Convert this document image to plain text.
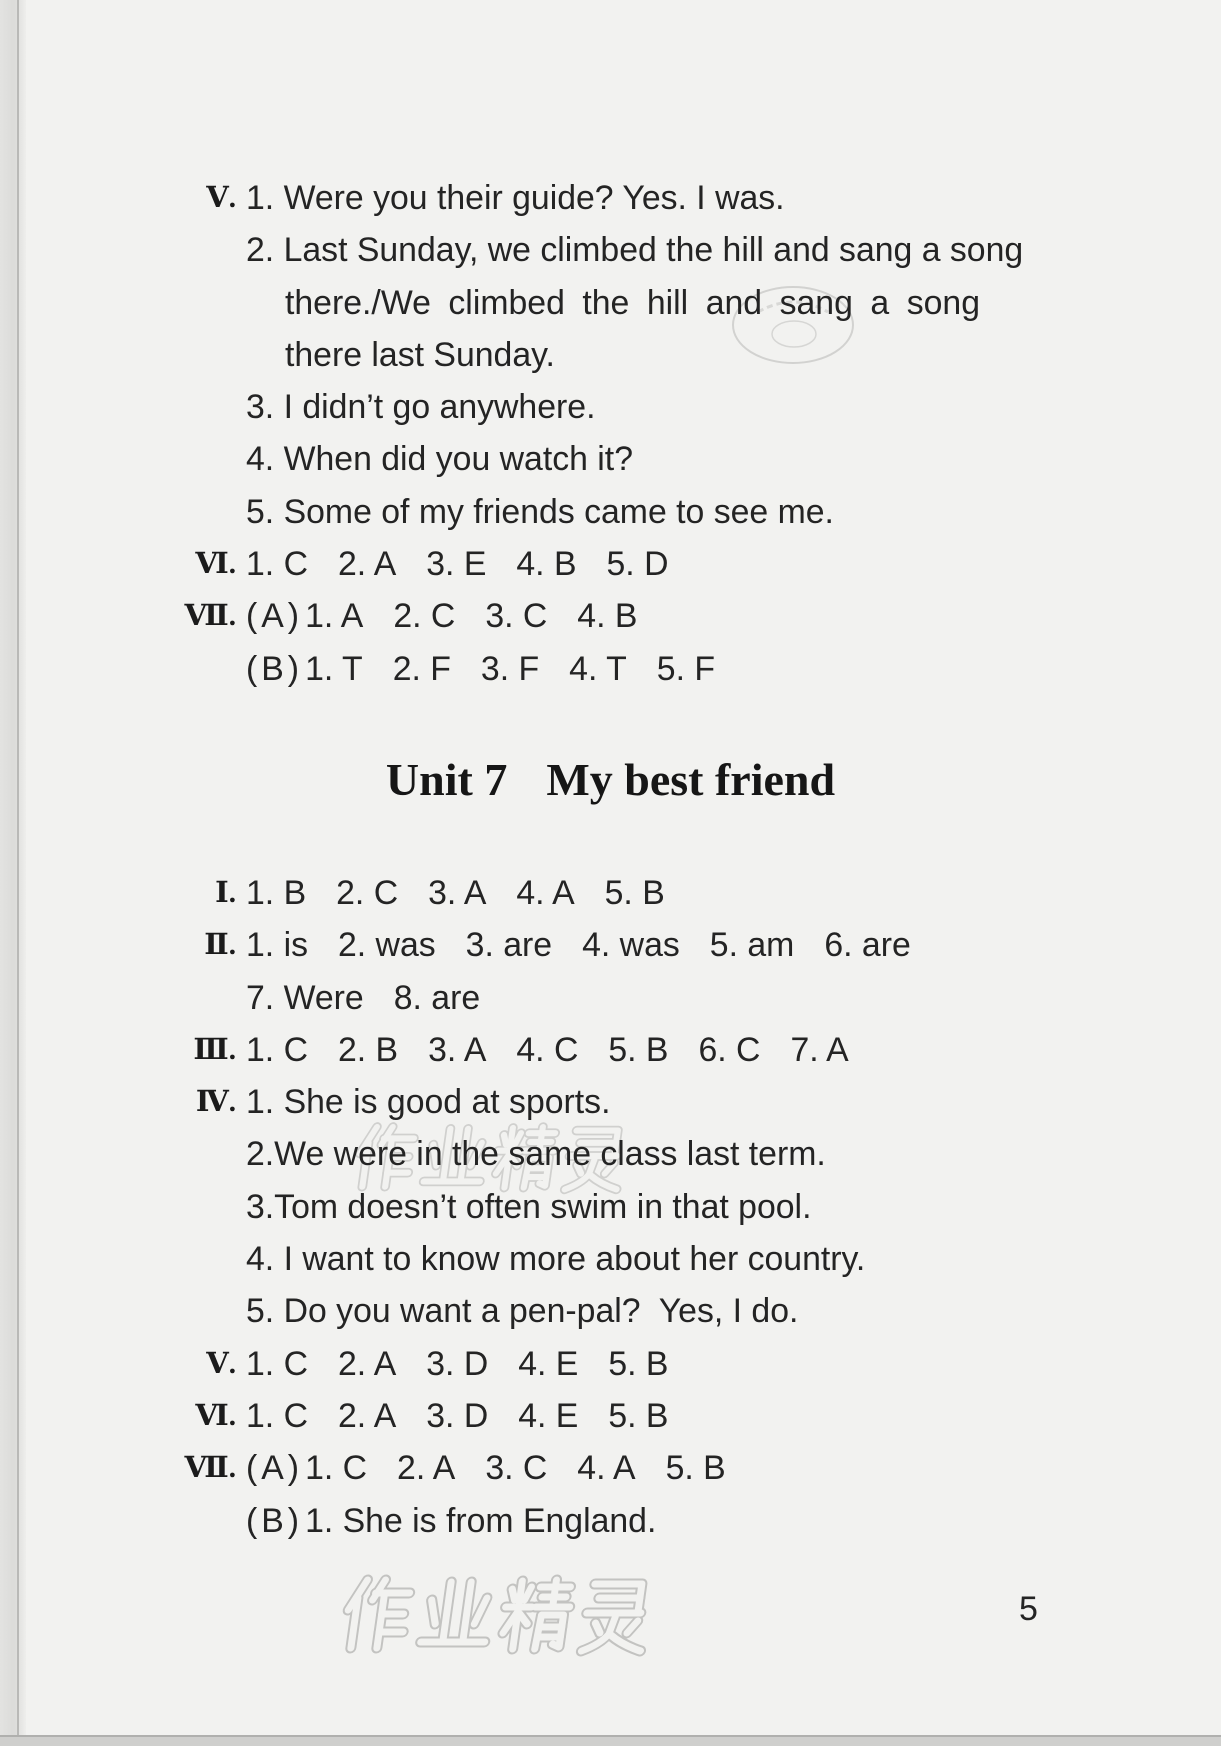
Ⅴ. 1. Were you their guide? Yes. I was.
2. Last Sunday, we climbed the hill and sang a song
there./We climbed the hill and sang a song
there last Sunday.
3. I didn’t go anywhere.
4. When did you watch it?
5. Some of my friends came to see me.
Ⅵ. 1. C 2. A 3. E 4. B 5. D
Ⅶ. (A) 1. A 2. C 3. C 4. B
(B) 1. T 2. F 3. F 4. T 5. F
Unit 7 My best friend
Ⅰ. 1. B 2. C 3. A 4. A 5. B
Ⅱ. 1. is 2. was 3. are 4. was 5. am 6. are
7. Were 8. are
Ⅲ. 1. C 2. B 3. A 4. C 5. B 6. C 7. A
Ⅳ. 1. She is good at sports.
2.We were in the same class last term.
3.Tom doesn’t often swim in that pool.
4. I want to know more about her country.
5. Do you want a pen-pal?  Yes, I do.
Ⅴ. 1. C 2. A 3. D 4. E 5. B
Ⅵ. 1. C 2. A 3. D 4. E 5. B
Ⅶ. (A) 1. C 2. A 3. C 4. A 5. B
(B) 1. She is from England.
5
